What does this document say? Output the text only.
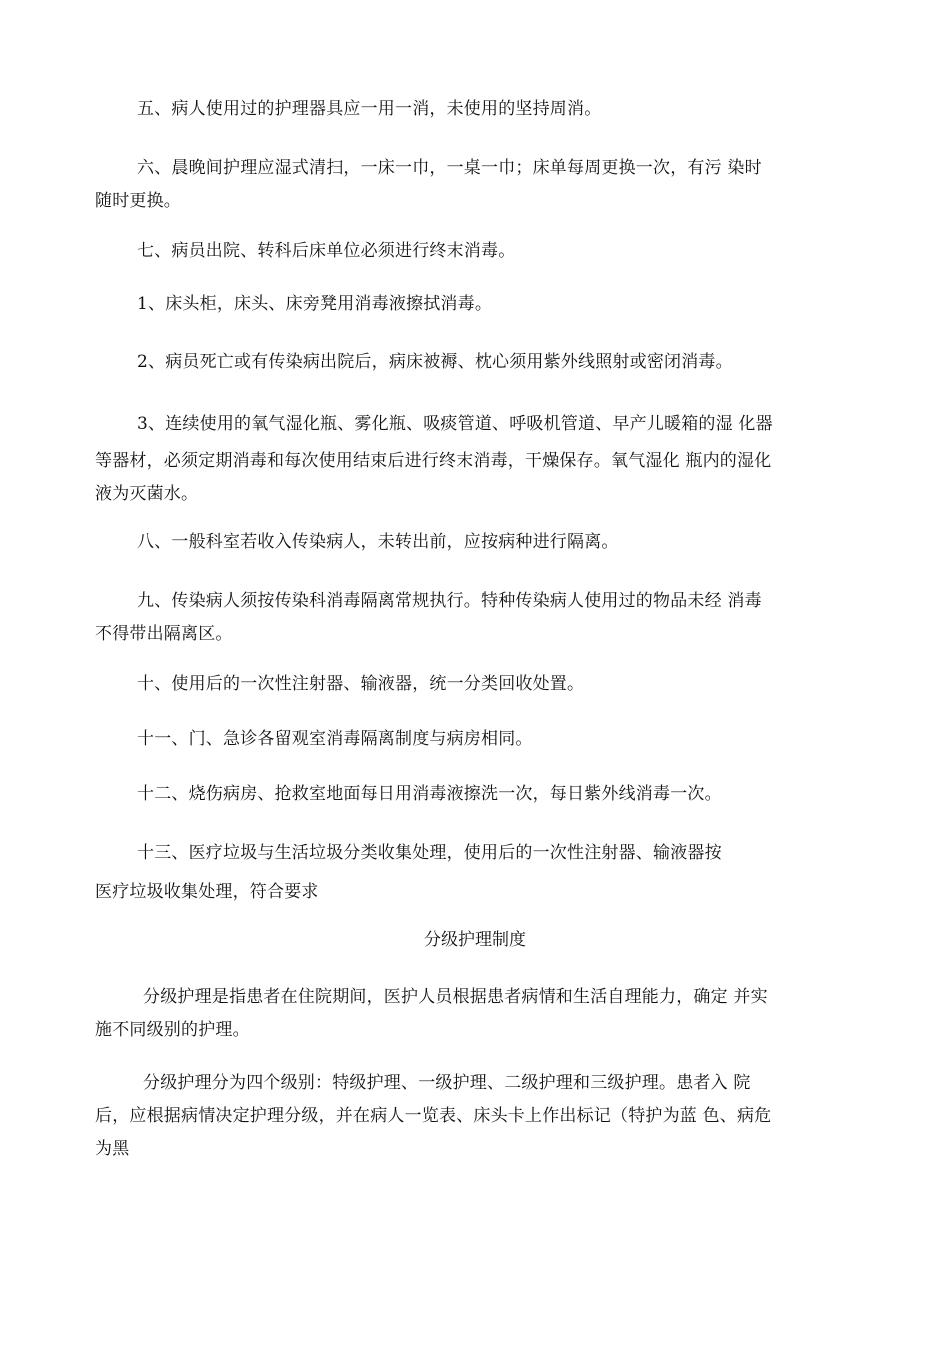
五、病人使用过的护理器具应一用一消，未使用的坚持周消。
六、晨晚间护理应湿式清扫，一床一巾，一桌一巾；床单每周更换一次，有污 染时
随时更换。
七、病员出院、转科后床单位必须进行终末消毒。
1、床头柜，床头、床旁凳用消毒液擦拭消毒。
2、病员死亡或有传染病出院后，病床被褥、枕心须用紫外线照射或密闭消毒。
3、连续使用的氧气湿化瓶、雾化瓶、吸痰管道、呼吸机管道、早产儿暖箱的湿 化器
等器材，必须定期消毒和每次使用结束后进行终末消毒，干燥保存。氧气湿化 瓶内的湿化
液为灭菌水。
八、一般科室若收入传染病人，未转出前，应按病种进行隔离。
九、传染病人须按传染科消毒隔离常规执行。特种传染病人使用过的物品未经 消毒
不得带出隔离区。
十、使用后的一次性注射器、输液器，统一分类回收处置。
十一、门、急诊各留观室消毒隔离制度与病房相同。
十二、烧伤病房、抢救室地面每日用消毒液擦洗一次，每日紫外线消毒一次。
十三、医疗垃圾与生活垃圾分类收集处理，使用后的一次性注射器、输液器按
医疗垃圾收集处理，符合要求
分级护理制度
分级护理是指患者在住院期间，医护人员根据患者病情和生活自理能力，确定 并实
施不同级别的护理。
分级护理分为四个级别：特级护理、一级护理、二级护理和三级护理。患者入 院
后，应根据病情决定护理分级，并在病人一览表、床头卡上作出标记（特护为蓝 色、病危
为黑
